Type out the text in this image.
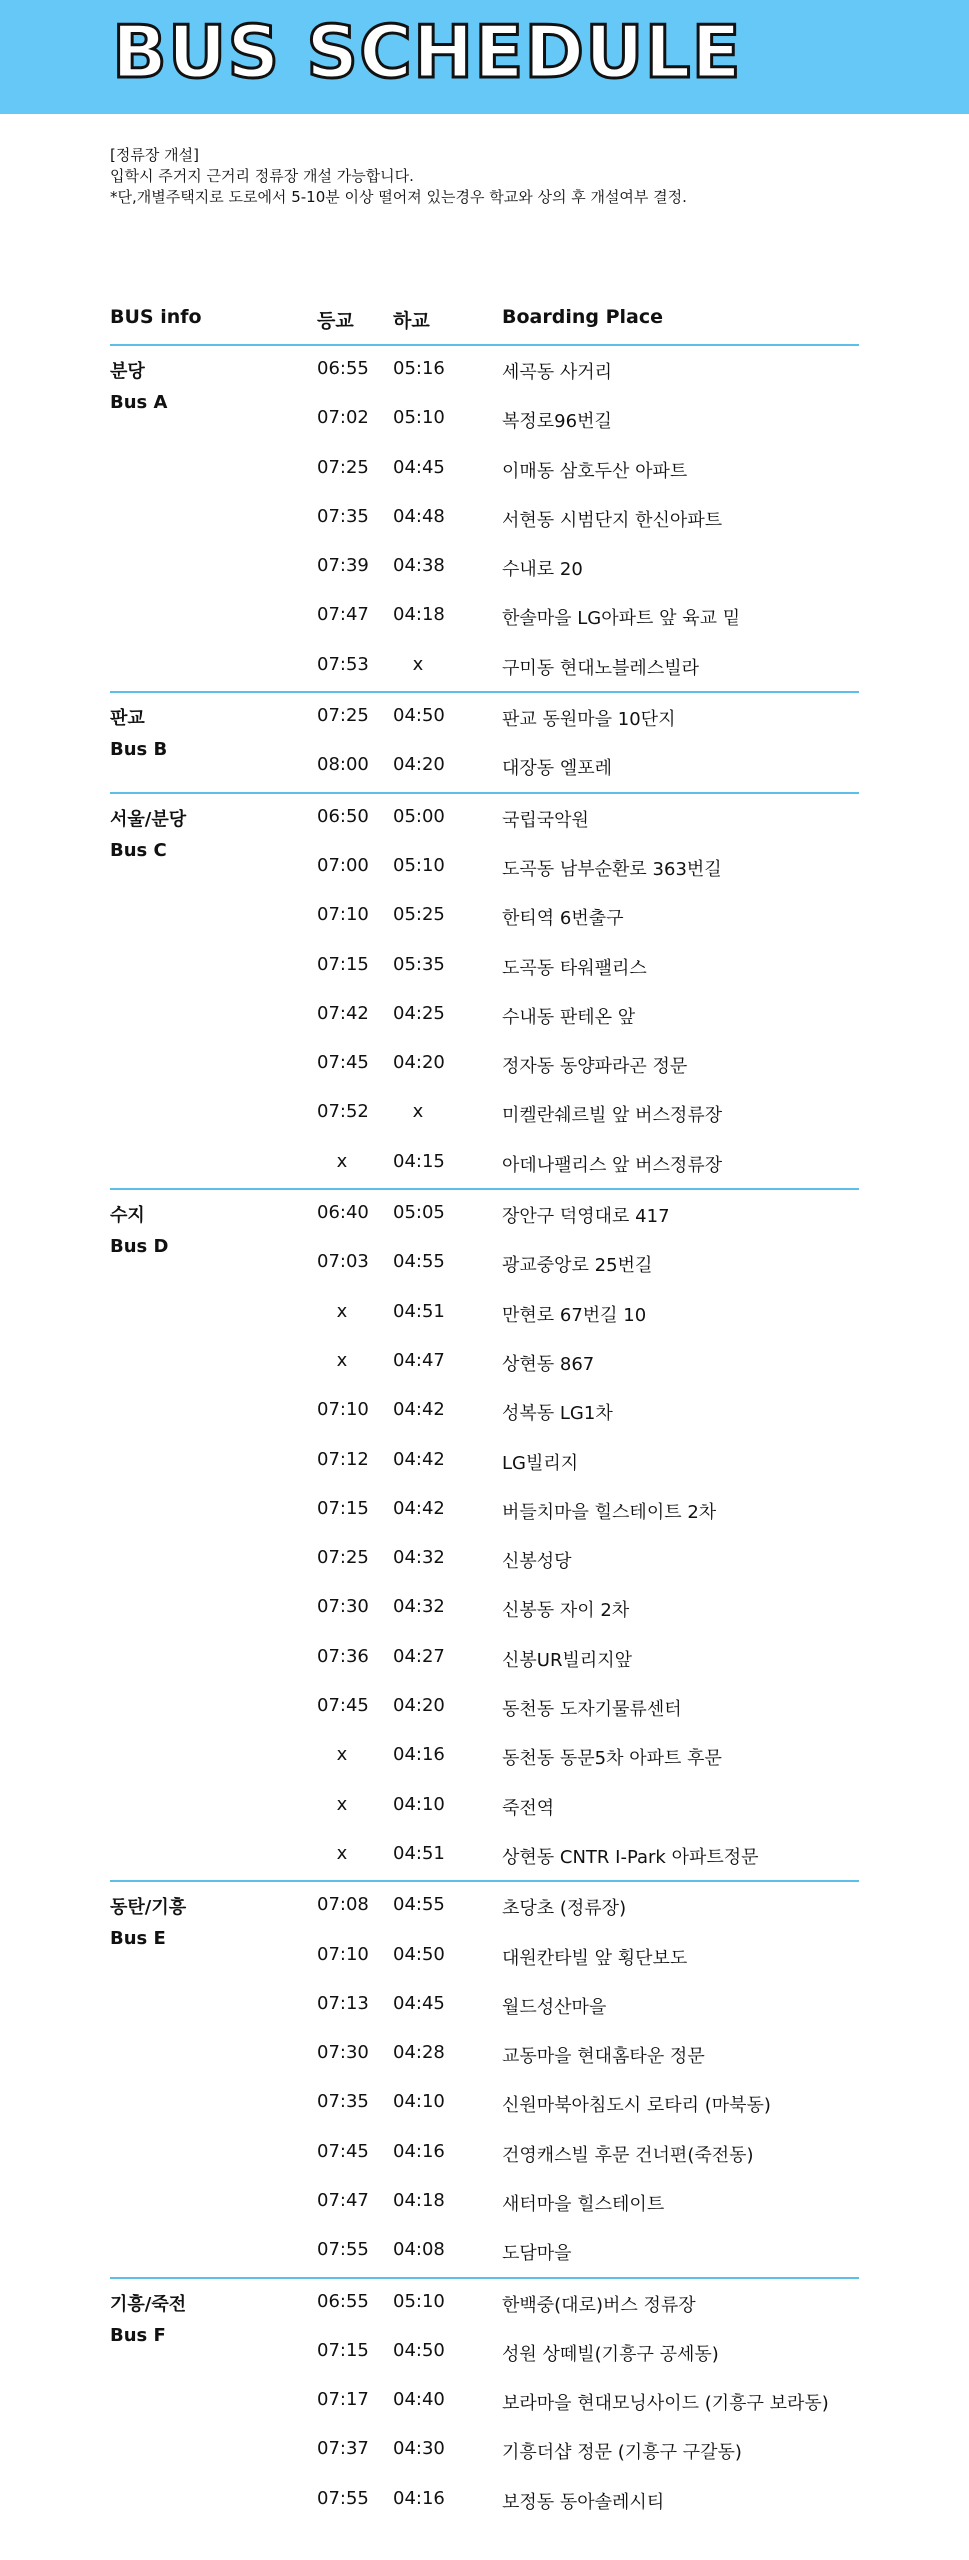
BUS SCHEDULE
[정류장 개설]
입학시 주거지 근거리 정류장 개설 가능합니다.
*단,개별주택지로 도로에서 5-10분 이상 떨어져 있는경우 학교와 상의 후 개설여부 결정.
BUS info	등교 하교	Boarding Place
분당
Bus A
06:55 05:16	세곡동 사거리
07:02 05:10	복정로96번길
07:25 04:45	이매동 삼호두산 아파트
07:35 04:48	서현동 시범단지 한신아파트
07:39 04:38	수내로 20
07:47 04:18	한솔마을 LG아파트 앞 육교 밑
07:53	x	구미동 현대노블레스빌라
판교
Bus B
07:25 04:50	판교 동원마을 10단지
08:00 04:20	대장동 엘포레
서울/분당
Bus C
06:50 05:00	국립국악원
07:00 05:10	도곡동 남부순환로 363번길
07:10 05:25	한티역 6번출구
07:15 05:35	도곡동 타워팰리스
07:42 04:25	수내동 판테온 앞
07:45 04:20	정자동 동양파라곤 정문
07:52	x	미켈란쉐르빌 앞 버스정류장
x	04:15	아데나팰리스 앞 버스정류장
수지
Bus D
06:40 05:05	장안구 덕영대로 417
07:03 04:55	광교중앙로 25번길
x	04:51	만현로 67번길 10
x	04:47	상현동 867
07:10 04:42	성복동 LG1차
07:12 04:42	LG빌리지
07:15 04:42	버들치마을 힐스테이트 2차
07:25 04:32	신봉성당
07:30 04:32	신봉동 자이 2차
07:36 04:27	신봉UR빌리지앞
07:45 04:20	동천동 도자기물류센터
x	04:16	동천동 동문5차 아파트 후문
x	04:10	죽전역
x	04:51	상현동 CNTR I-Park 아파트정문
동탄/기흥
Bus E
07:08 04:55	초당초 (정류장)
07:10 04:50	대원칸타빌 앞 횡단보도
07:13 04:45	월드성산마을
07:30 04:28	교동마을 현대홈타운 정문
07:35 04:10	신원마북아침도시 로타리 (마북동)
07:45 04:16	건영캐스빌 후문 건너편(죽전동)
07:47 04:18	새터마을 힐스테이트
07:55 04:08	도담마을
기흥/죽전
Bus F
06:55 05:10	한백중(대로)버스 정류장
07:15 04:50	성원 상떼빌(기흥구 공세동)
07:17 04:40	보라마을 현대모닝사이드 (기흥구 보라동)
07:37 04:30	기흥더샵 정문 (기흥구 구갈동)
07:55 04:16	보정동 동아솔레시티
